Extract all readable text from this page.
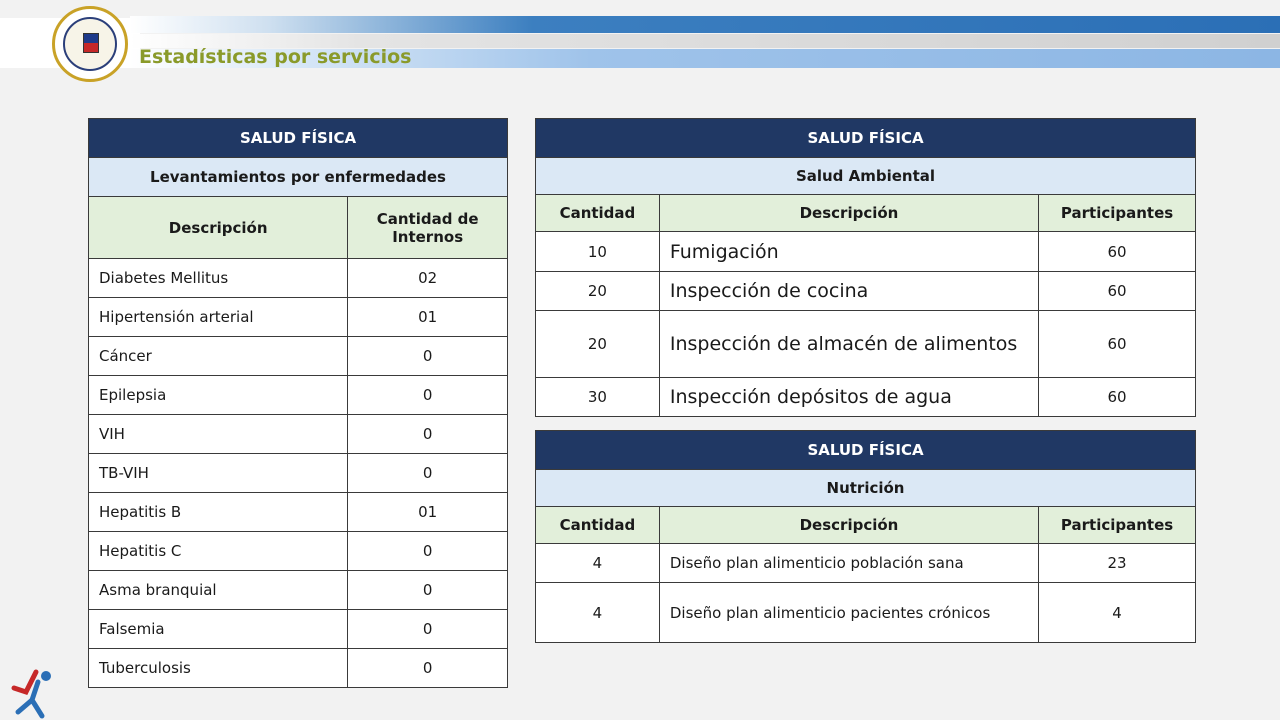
Estadísticas por servicios
SALUD FÍSICA	
Levantamientos por enfermedades	
Descripción	Cantidad de Internos
Diabetes Mellitus	02
Hipertensión arterial	01
Cáncer	0
Epilepsia	0
VIH	0
TB-VIH	0
Hepatitis B	01
Hepatitis C	0
Asma branquial	0
Falsemia	0
Tuberculosis	0
SALUD FÍSICA		
Salud Ambiental		
Cantidad	Descripción	Participantes
10	Fumigación	60
20	Inspección de cocina	60
20	Inspección de almacén de alimentos	60
30	Inspección depósitos de agua	60
SALUD FÍSICA		
Nutrición		
Cantidad	Descripción	Participantes
4	Diseño plan alimenticio población sana	23
4	Diseño plan alimenticio pacientes crónicos	4
